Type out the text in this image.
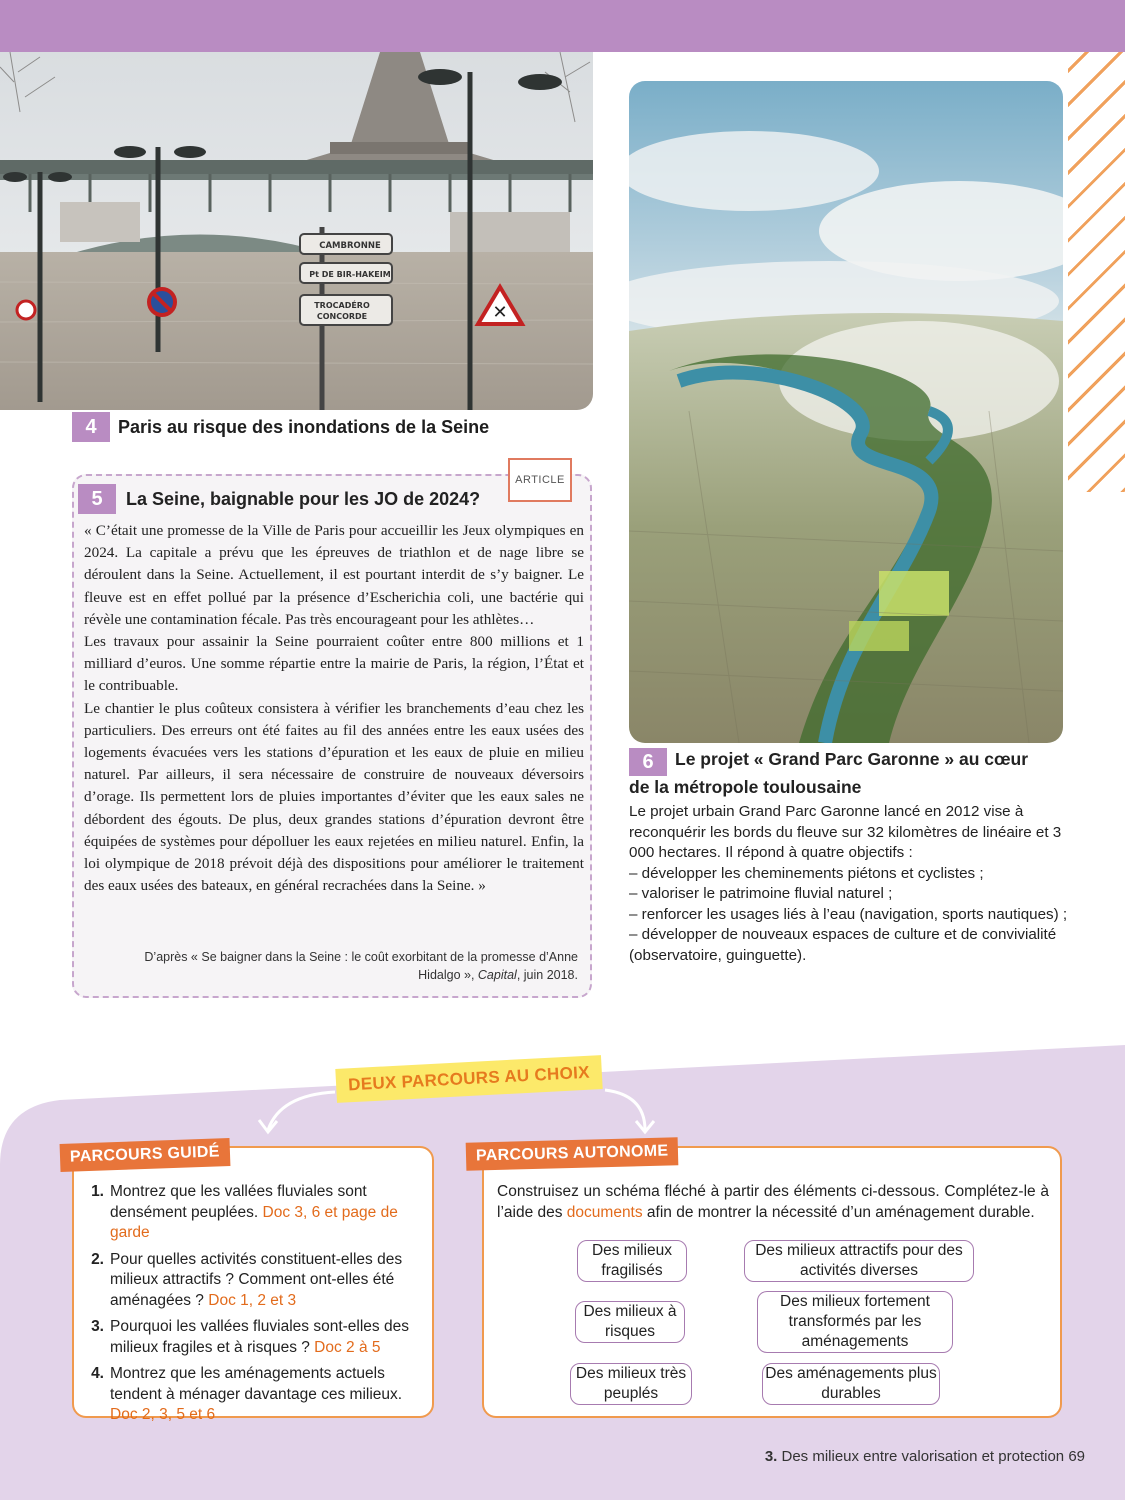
✕
CAMBRONNE
Pt DE BIR-HAKEIM
TROCADÉRO
CONCORDE
4	Paris au risque des inondations de la Seine
ARTICLE
5	La Seine, baignable pour les JO de 2024?

« C’était une promesse de la Ville de Paris pour accueillir les Jeux olympiques en 2024. La capitale a prévu que les épreuves de triathlon et de nage libre se déroulent dans la Seine. Actuellement, il est pourtant interdit de s’y baigner. Le fleuve est en effet pollué par la présence d’Escherichia coli, une bactérie qui révèle une contamination fécale. Pas très encourageant pour les athlètes…

Les travaux pour assainir la Seine pourraient coûter entre 800 millions et 1 milliard d’euros. Une somme répartie entre la mairie de Paris, la région, l’État et le contribuable.

Le chantier le plus coûteux consistera à vérifier les branchements d’eau chez les particuliers. Des erreurs ont été faites au fil des années entre les eaux usées des logements évacuées vers les stations d’épuration et les eaux de pluie en milieu naturel. Par ailleurs, il sera nécessaire de construire de nouveaux déversoirs d’orage. Ils permettent lors de pluies importantes d’éviter que les eaux sales ne débordent des égouts. De plus, deux grandes stations d’épuration devront être équipées de systèmes pour dépolluer les eaux rejetées en milieu naturel. Enfin, la loi olympique de 2018 prévoit déjà des dispositions pour améliorer le traitement des eaux usées des bateaux, en général recrachées dans la Seine. »

D’après « Se baigner dans la Seine : le coût exorbitant de la promesse d’Anne Hidalgo », Capital, juin 2018.
6	Le projet « Grand Parc Garonne » au cœur
de la métropole toulousaine
Le projet urbain Grand Parc Garonne lancé en 2012 vise à reconquérir les bords du fleuve sur 32 kilomètres de linéaire et 3 000 hectares. Il répond à quatre objectifs :
– développer les cheminements piétons et cyclistes ;
– valoriser le patrimoine fluvial naturel ;
– renforcer les usages liés à l’eau (navigation, sports nautiques) ;
– développer de nouveaux espaces de culture et de convivialité (observatoire, guinguette).
DEUX PARCOURS AU CHOIX
PARCOURS GUIDÉ
1. Montrez que les vallées fluviales sont densément peuplées. Doc 3, 6 et page de garde
2. Pour quelles activités constituent-elles des milieux attractifs ? Comment ont-elles été aménagées ? Doc 1, 2 et 3
3. Pourquoi les vallées fluviales sont-elles des milieux fragiles et à risques ? Doc 2 à 5
4. Montrez que les aménagements actuels tendent à ménager davantage ces milieux. Doc 2, 3, 5 et 6
PARCOURS AUTONOME
Construisez un schéma fléché à partir des éléments ci-dessous. Complétez-le à l’aide des documents afin de montrer la nécessité d’un aménagement durable.
Des milieux fragilisés
Des milieux attractifs pour des activités diverses
Des milieux à risques
Des milieux fortement transformés par les aménagements
Des milieux très peuplés
Des aménagements plus durables
3. Des milieux entre valorisation et protection 69
